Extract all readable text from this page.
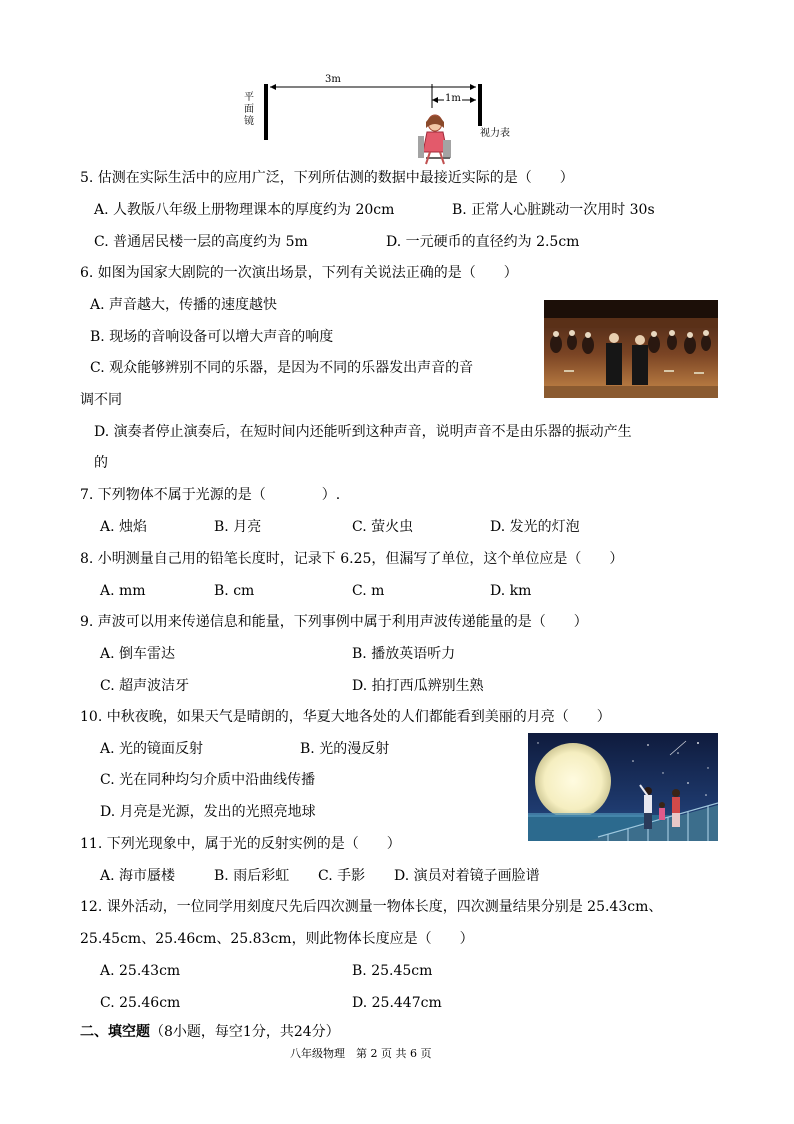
3m
1m
平面镜
视力表
5. 估测在实际生活中的应用广泛，下列所估测的数据中最接近实际的是（　　）
A. 人教版八年级上册物理课本的厚度约为 20cm	B. 正常人心脏跳动一次用时 30s
C. 普通居民楼一层的高度约为 5m	D. 一元硬币的直径约为 2.5cm
6. 如图为国家大剧院的一次演出场景，下列有关说法正确的是（　　）
A. 声音越大，传播的速度越快
B. 现场的音响设备可以增大声音的响度
C. 观众能够辨别不同的乐器，是因为不同的乐器发出声音的音
调不同
D. 演奏者停止演奏后，在短时间内还能听到这种声音，说明声音不是由乐器的振动产生
的
7. 下列物体不属于光源的是（　　　　）.
A. 烛焰	B. 月亮	C. 萤火虫	D. 发光的灯泡
8. 小明测量自己用的铅笔长度时，记录下 6.25，但漏写了单位，这个单位应是（　　）
A. mm	B. cm	C. m	D. km
9. 声波可以用来传递信息和能量，下列事例中属于利用声波传递能量的是（　　）
A. 倒车雷达	B. 播放英语听力
C. 超声波洁牙	D. 拍打西瓜辨别生熟
10. 中秋夜晚，如果天气是晴朗的，华夏大地各处的人们都能看到美丽的月亮（　　）
A. 光的镜面反射	B. 光的漫反射
C. 光在同种均匀介质中沿曲线传播
D. 月亮是光源，发出的光照亮地球
11. 下列光现象中，属于光的反射实例的是（　　）
A. 海市蜃楼	B. 雨后彩虹 C. 手影 D. 演员对着镜子画脸谱
12. 课外活动，一位同学用刻度尺先后四次测量一物体长度，四次测量结果分别是 25.43cm、
25.45cm、25.46cm、25.83cm，则此物体长度应是（　　）
A. 25.43cm	B. 25.45cm
C. 25.46cm	D. 25.447cm
二、填空题（8小题，每空1分，共24分）
八年级物理　第 2 页 共 6 页
